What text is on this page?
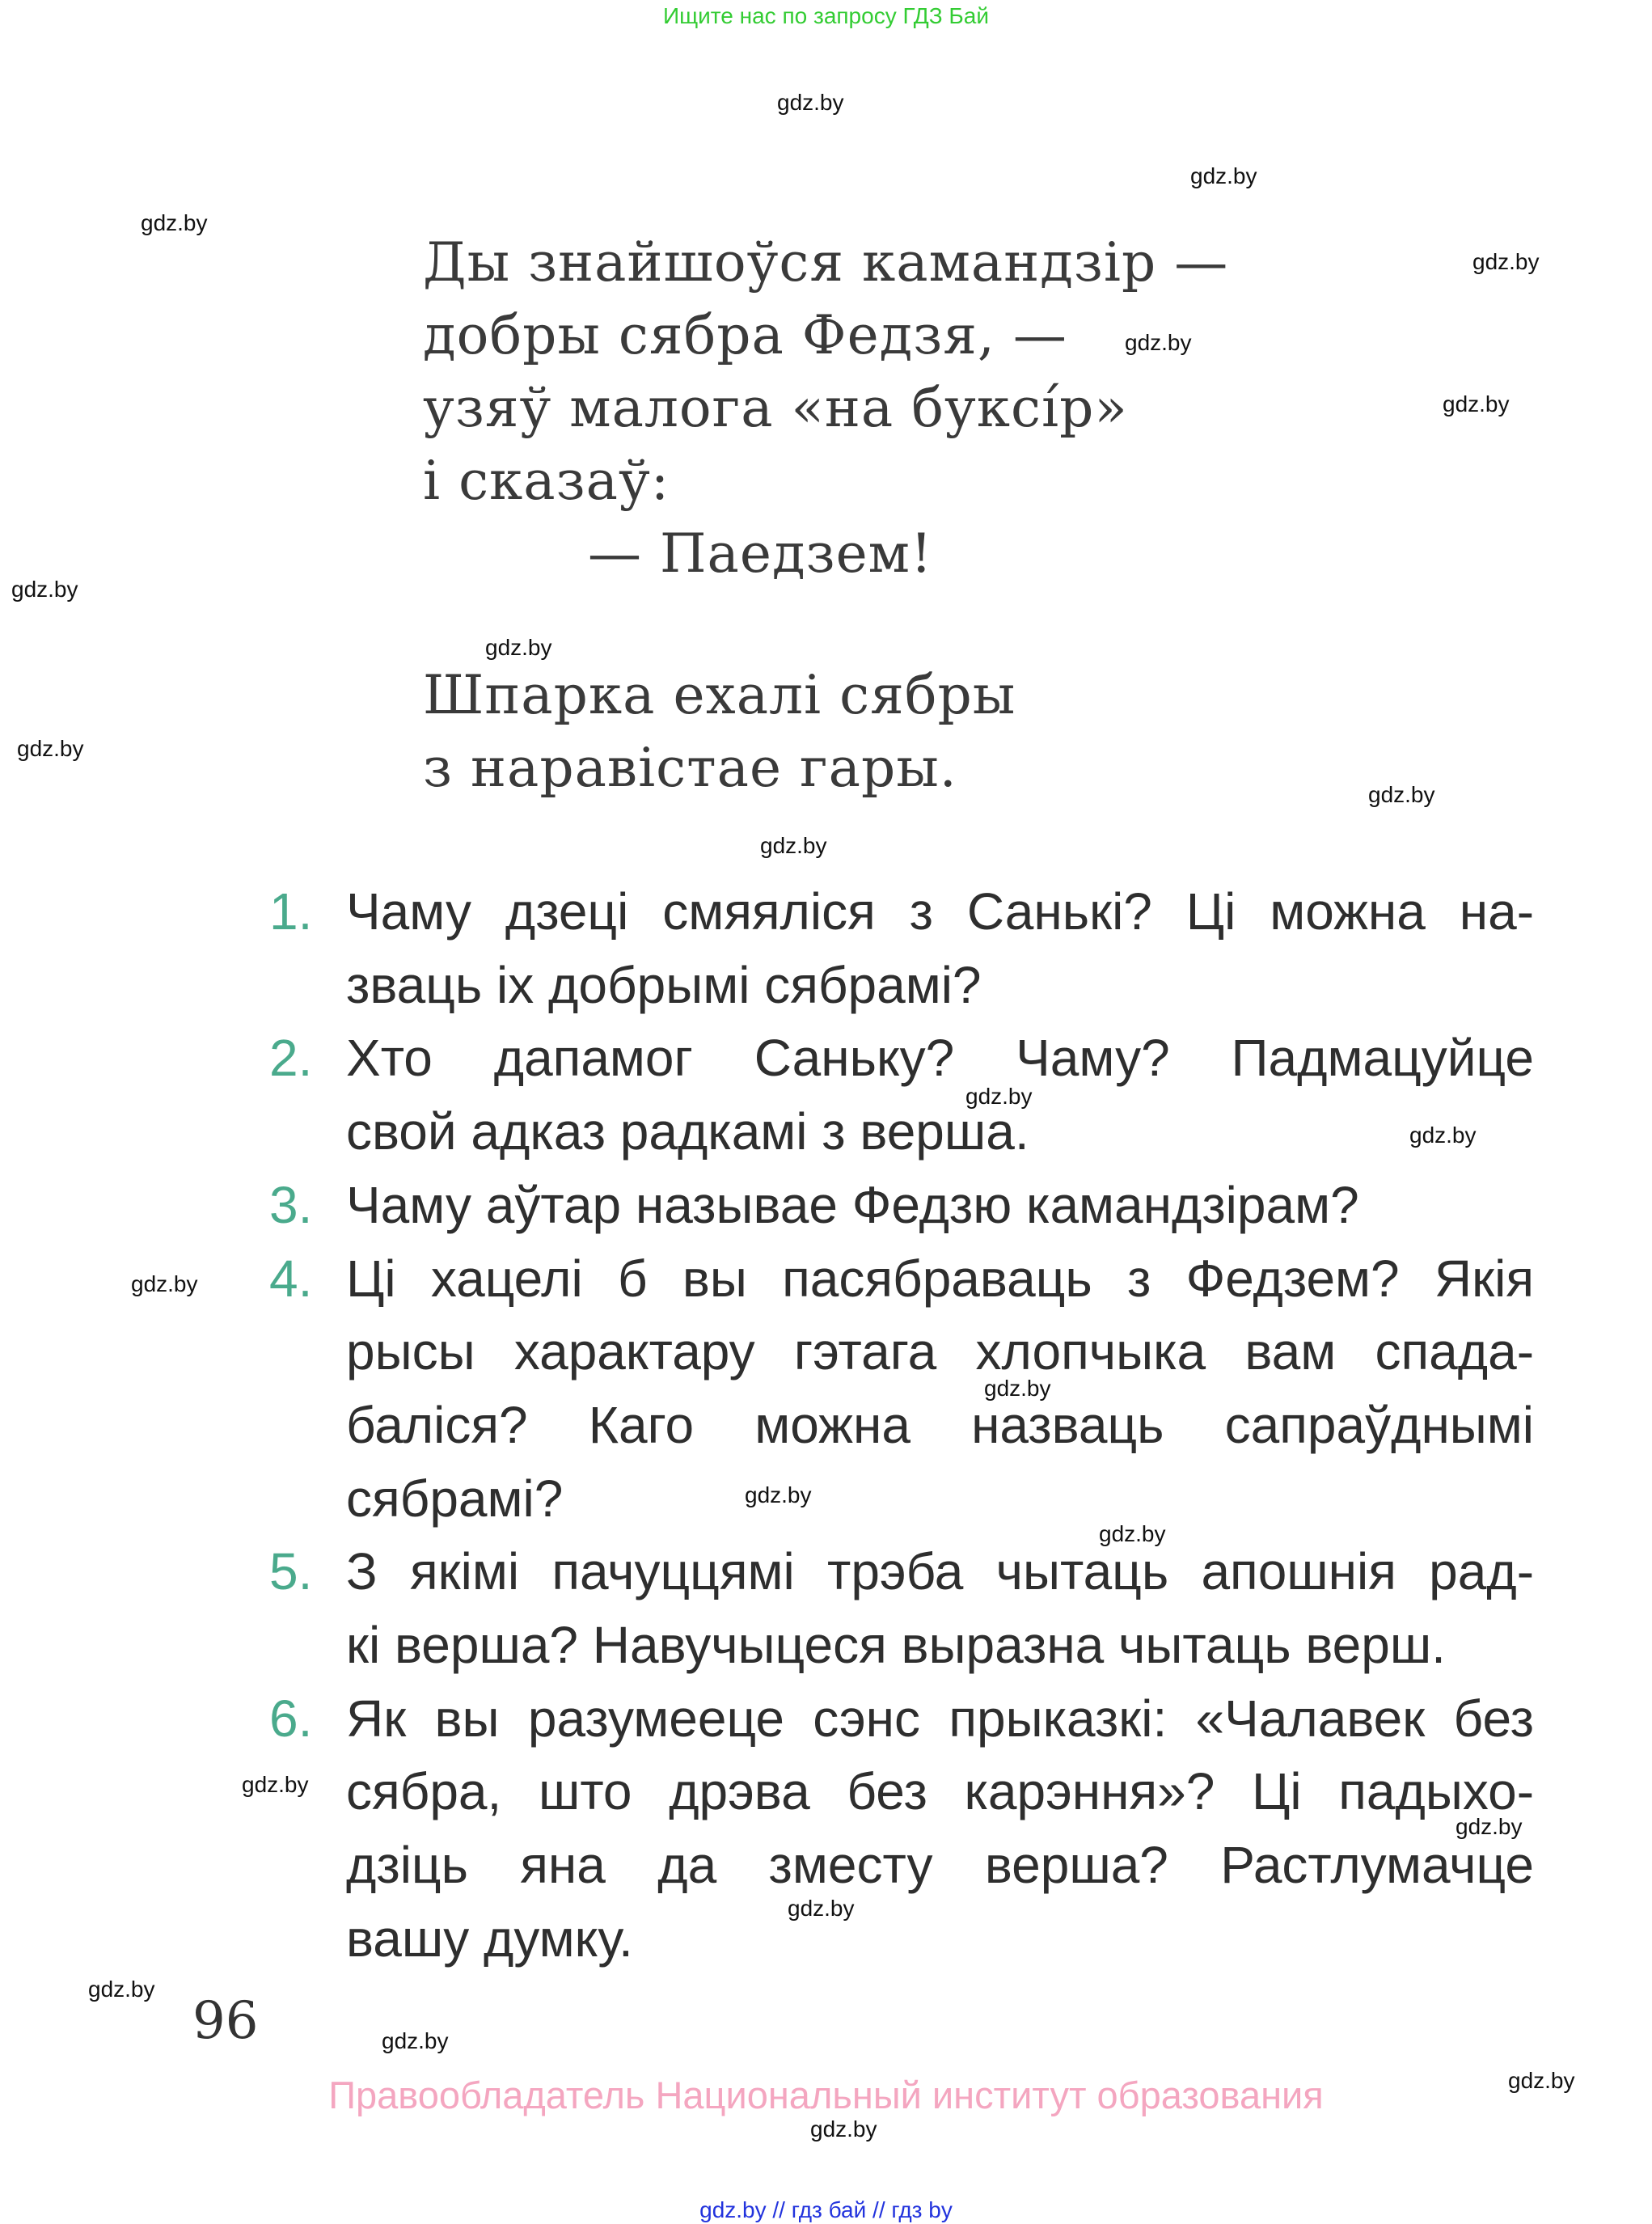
Ищите нас по запросу ГДЗ Бай
gdz.by
gdz.by
gdz.by
gdz.by
gdz.by
gdz.by
gdz.by
gdz.by
gdz.by
gdz.by
gdz.by
gdz.by
gdz.by
gdz.by
gdz.by
gdz.by
gdz.by
gdz.by
gdz.by
gdz.by
gdz.by
gdz.by
gdz.by
gdz.by
Ды знайшоўся камандзір —
добры сябра Федзя, —
узяў малога «на буксíр»
і сказаў:
— Паедзем!
Шпарка ехалі сябры
з наравістае гары.
1. Чаму дзеці смяяліся з Санькі? Ці можна на-
зваць іх добрымі сябрамі?
2. Хто дапамог Саньку? Чаму? Падмацуйце
свой адказ радкамі з верша.
3. Чаму аўтар называе Федзю камандзірам?
4. Ці хацелі б вы пасябраваць з Федзем? Якія
рысы характару гэтага хлопчыка вам спада-
баліся? Каго можна назваць сапраўднымі
сябрамі?
5. З якімі пачуццямі трэба чытаць апошнія рад-
кі верша? Навучыцеся выразна чытаць верш.
6. Як вы разумееце сэнс прыказкі: «Чалавек без
сябра, што дрэва без карэння»? Ці падыхо-
дзіць яна да зместу верша? Растлумачце
вашу думку.
96
Правообладатель Национальный институт образования
gdz.by // гдз бай // гдз by
